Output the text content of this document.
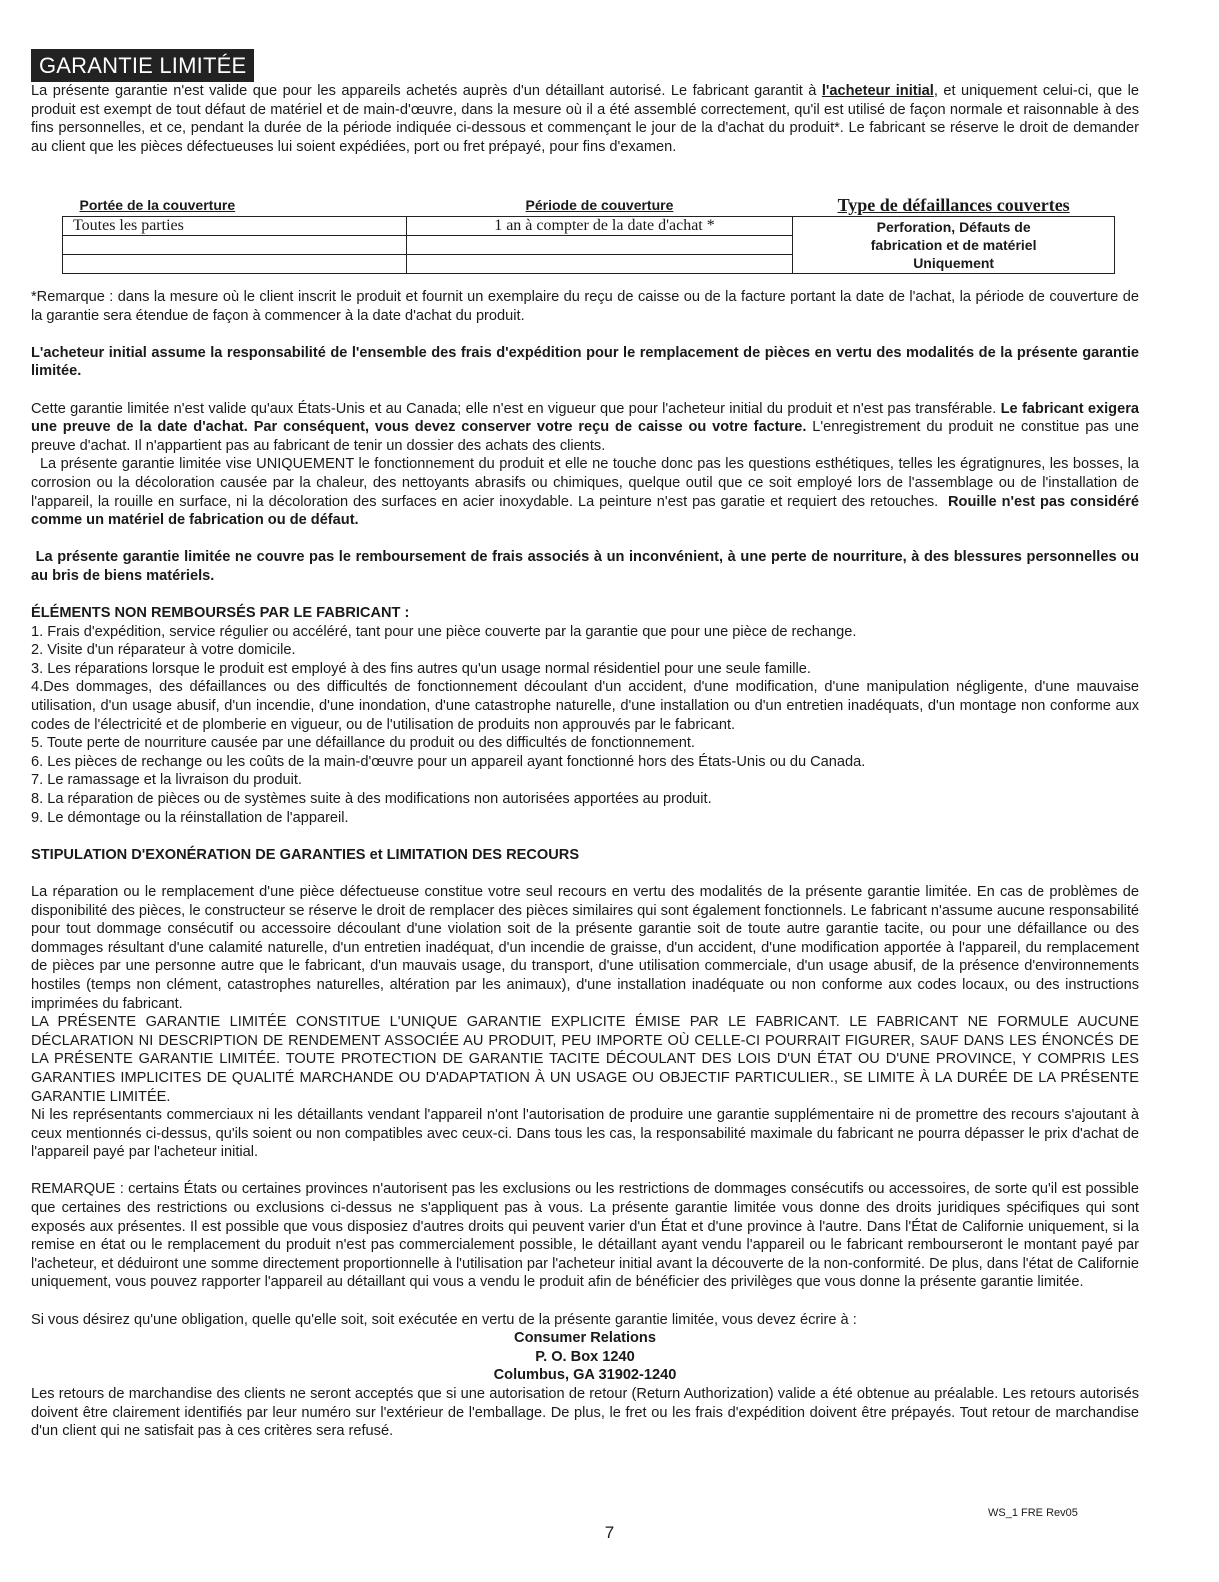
GARANTIE LIMITÉE

La présente garantie n'est valide que pour les appareils achetés auprès d'un détaillant autorisé. Le fabricant garantit à l'acheteur initial, et uniquement celui-ci, que le produit est exempt de tout défaut de matériel et de main-d'œuvre, dans la mesure où il a été assemblé correctement, qu'il est utilisé de façon normale et raisonnable à des fins personnelles, et ce, pendant la durée de la période indiquée ci-dessous et commençant le jour de la d'achat du produit*. Le fabricant se réserve le droit de demander au client que les pièces défectueuses lui soient expédiées, port ou fret prépayé, pour fins d'examen.

Portée de la couverture	Période de couverture	Type de défaillances couvertes
Toutes les parties	1 an à compter de la date d'achat *	Perforation, Défauts de
fabrication et de matériel
Uniquement

*Remarque : dans la mesure où le client inscrit le produit et fournit un exemplaire du reçu de caisse ou de la facture portant la date de l'achat, la période de couverture de la garantie sera étendue de façon à commencer à la date d'achat du produit.

L'acheteur initial assume la responsabilité de l'ensemble des frais d'expédition pour le remplacement de pièces en vertu des modalités de la présente garantie limitée.

Cette garantie limitée n'est valide qu'aux États-Unis et au Canada; elle n'est en vigueur que pour l'acheteur initial du produit et n'est pas transférable. Le fabricant exigera une preuve de la date d'achat. Par conséquent, vous devez conserver votre reçu de caisse ou votre facture. L'enregistrement du produit ne constitue pas une preuve d'achat. Il n'appartient pas au fabricant de tenir un dossier des achats des clients.

La présente garantie limitée vise UNIQUEMENT le fonctionnement du produit et elle ne touche donc pas les questions esthétiques, telles les égratignures, les bosses, la corrosion ou la décoloration causée par la chaleur, des nettoyants abrasifs ou chimiques, quelque outil que ce soit employé lors de l'assemblage ou de l'installation de l'appareil, la rouille en surface, ni la décoloration des surfaces en acier inoxydable. La peinture n'est pas garatie et requiert des retouches.  Rouille n'est pas considéré comme un matériel de fabrication ou de défaut.

La présente garantie limitée ne couvre pas le remboursement de frais associés à un inconvénient, à une perte de nourriture, à des blessures personnelles ou au bris de biens matériels.

ÉLÉMENTS NON REMBOURSÉS PAR LE FABRICANT :

1. Frais d'expédition, service régulier ou accéléré, tant pour une pièce couverte par la garantie que pour une pièce de rechange.

2. Visite d'un réparateur à votre domicile.

3. Les réparations lorsque le produit est employé à des fins autres qu'un usage normal résidentiel pour une seule famille.

4.Des dommages, des défaillances ou des difficultés de fonctionnement découlant d'un accident, d'une modification, d'une manipulation négligente, d'une mauvaise utilisation, d'un usage abusif, d'un incendie, d'une inondation, d'une catastrophe naturelle, d'une installation ou d'un entretien inadéquats, d'un montage non conforme aux codes de l'électricité et de plomberie en vigueur, ou de l'utilisation de produits non approuvés par le fabricant.

5. Toute perte de nourriture causée par une défaillance du produit ou des difficultés de fonctionnement.

6. Les pièces de rechange ou les coûts de la main-d'œuvre pour un appareil ayant fonctionné hors des États-Unis ou du Canada.

7. Le ramassage et la livraison du produit.

8. La réparation de pièces ou de systèmes suite à des modifications non autorisées apportées au produit.

9. Le démontage ou la réinstallation de l'appareil.

STIPULATION D'EXONÉRATION DE GARANTIES et LIMITATION DES RECOURS

La réparation ou le remplacement d'une pièce défectueuse constitue votre seul recours en vertu des modalités de la présente garantie limitée. En cas de problèmes de disponibilité des pièces, le constructeur se réserve le droit de remplacer des pièces similaires qui sont également fonctionnels. Le fabricant n'assume aucune responsabilité pour tout dommage consécutif ou accessoire découlant d'une violation soit de la présente garantie soit de toute autre garantie tacite, ou pour une défaillance ou des dommages résultant d'une calamité naturelle, d'un entretien inadéquat, d'un incendie de graisse, d'un accident, d'une modification apportée à l'appareil, du remplacement de pièces par une personne autre que le fabricant, d'un mauvais usage, du transport, d'une utilisation commerciale, d'un usage abusif, de la présence d'environnements hostiles (temps non clément, catastrophes naturelles, altération par les animaux), d'une installation inadéquate ou non conforme aux codes locaux, ou des instructions imprimées du fabricant.

LA PRÉSENTE GARANTIE LIMITÉE CONSTITUE L'UNIQUE GARANTIE EXPLICITE ÉMISE PAR LE FABRICANT. LE FABRICANT NE FORMULE AUCUNE DÉCLARATION NI DESCRIPTION DE RENDEMENT ASSOCIÉE AU PRODUIT, PEU IMPORTE OÙ CELLE-CI POURRAIT FIGURER, SAUF DANS LES ÉNONCÉS DE LA PRÉSENTE GARANTIE LIMITÉE. TOUTE PROTECTION DE GARANTIE TACITE DÉCOULANT DES LOIS D'UN ÉTAT OU D'UNE PROVINCE, Y COMPRIS LES GARANTIES IMPLICITES DE QUALITÉ MARCHANDE OU D'ADAPTATION À UN USAGE OU OBJECTIF PARTICULIER., SE LIMITE À LA DURÉE DE LA PRÉSENTE GARANTIE LIMITÉE.

Ni les représentants commerciaux ni les détaillants vendant l'appareil n'ont l'autorisation de produire une garantie supplémentaire ni de promettre des recours s'ajoutant à ceux mentionnés ci-dessus, qu'ils soient ou non compatibles avec ceux-ci. Dans tous les cas, la responsabilité maximale du fabricant ne pourra dépasser le prix d'achat de l'appareil payé par l'acheteur initial.

REMARQUE : certains États ou certaines provinces n'autorisent pas les exclusions ou les restrictions de dommages consécutifs ou accessoires, de sorte qu'il est possible que certaines des restrictions ou exclusions ci-dessus ne s'appliquent pas à vous. La présente garantie limitée vous donne des droits juridiques spécifiques qui sont exposés aux présentes. Il est possible que vous disposiez d'autres droits qui peuvent varier d'un État et d'une province à l'autre. Dans l'État de Californie uniquement, si la remise en état ou le remplacement du produit n'est pas commercialement possible, le détaillant ayant vendu l'appareil ou le fabricant rembourseront le montant payé par l'acheteur, et déduiront une somme directement proportionnelle à l'utilisation par l'acheteur initial avant la découverte de la non-conformité. De plus, dans l'état de Californie uniquement, vous pouvez rapporter l'appareil au détaillant qui vous a vendu le produit afin de bénéficier des privilèges que vous donne la présente garantie limitée.

Si vous désirez qu'une obligation, quelle qu'elle soit, soit exécutée en vertu de la présente garantie limitée, vous devez écrire à :

Consumer Relations

P. O. Box 1240

Columbus, GA 31902-1240

Les retours de marchandise des clients ne seront acceptés que si une autorisation de retour (Return Authorization) valide a été obtenue au préalable. Les retours autorisés doivent être clairement identifiés par leur numéro sur l'extérieur de l'emballage. De plus, le fret ou les frais d'expédition doivent être prépayés. Tout retour de marchandise d'un client qui ne satisfait pas à ces critères sera refusé.

WS_1 FRE Rev05
7
